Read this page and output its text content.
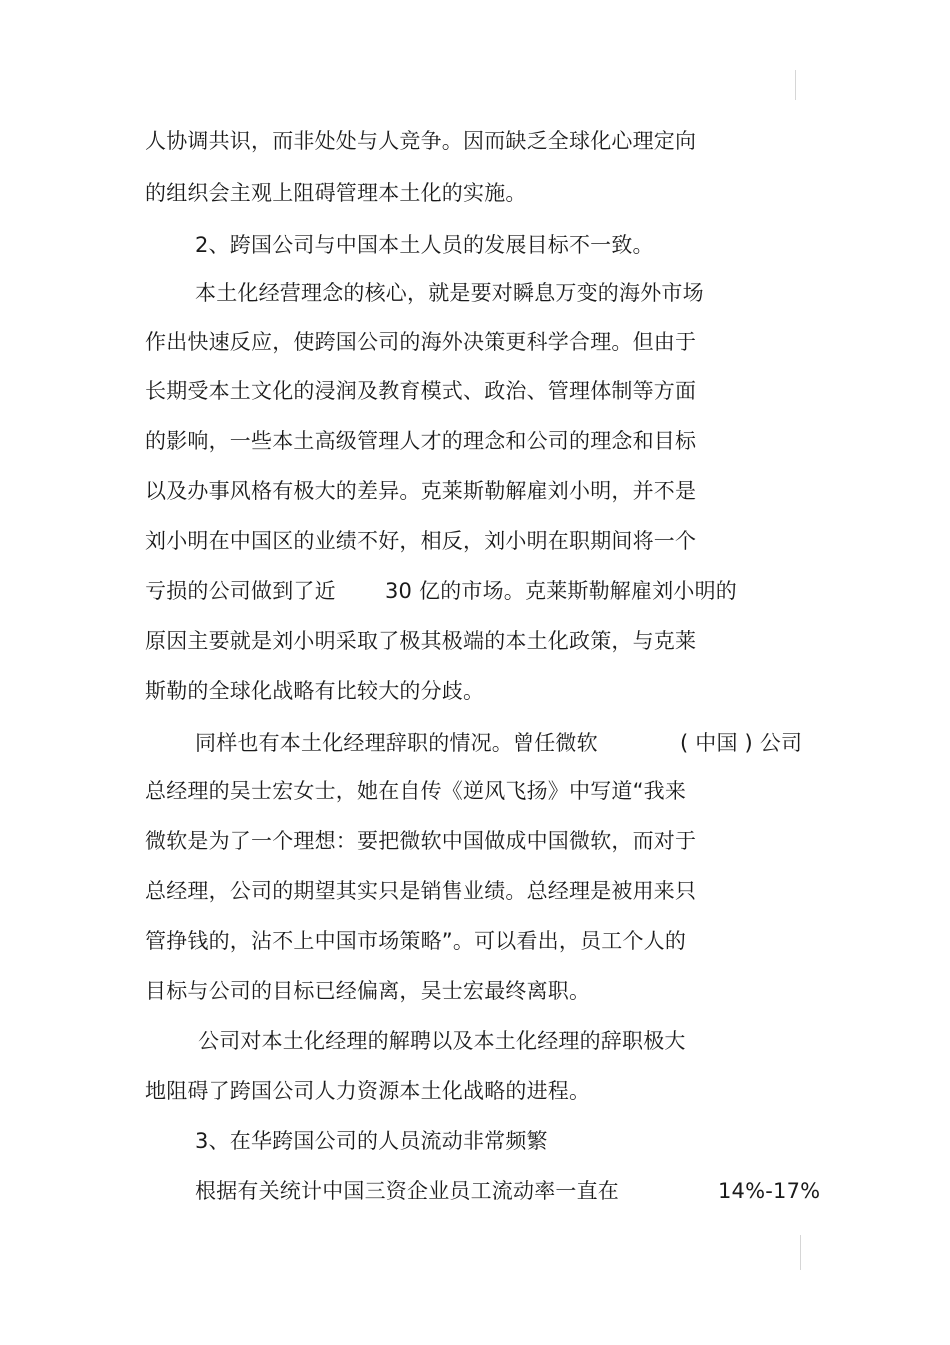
人协调共识，而非处处与人竞争。因而缺乏全球化心理定向
的组织会主观上阻碍管理本土化的实施。
2、跨国公司与中国本土人员的发展目标不一致。
本土化经营理念的核心，就是要对瞬息万变的海外市场
作出快速反应，使跨国公司的海外决策更科学合理。但由于
长期受本土文化的浸润及教育模式、政治、管理体制等方面
的影响，一些本土高级管理人才的理念和公司的理念和目标
以及办事风格有极大的差异。克莱斯勒解雇刘小明，并不是
刘小明在中国区的业绩不好，相反，刘小明在职期间将一个
亏损的公司做到了近 30 亿的市场。克莱斯勒解雇刘小明的
原因主要就是刘小明采取了极其极端的本土化政策，与克莱
斯勒的全球化战略有比较大的分歧。
同样也有本土化经理辞职的情况。曾任微软	( 中国 ) 公司
总经理的吴士宏女士，她在自传《逆风飞扬》中写道“我来
微软是为了一个理想：要把微软中国做成中国微软，而对于
总经理，公司的期望其实只是销售业绩。总经理是被用来只
管挣钱的，沾不上中国市场策略”。可以看出，员工个人的
目标与公司的目标已经偏离，吴士宏最终离职。
公司对本土化经理的解聘以及本土化经理的辞职极大
地阻碍了跨国公司人力资源本土化战略的进程。
3、在华跨国公司的人员流动非常频繁
根据有关统计中国三资企业员工流动率一直在	14%-17%
